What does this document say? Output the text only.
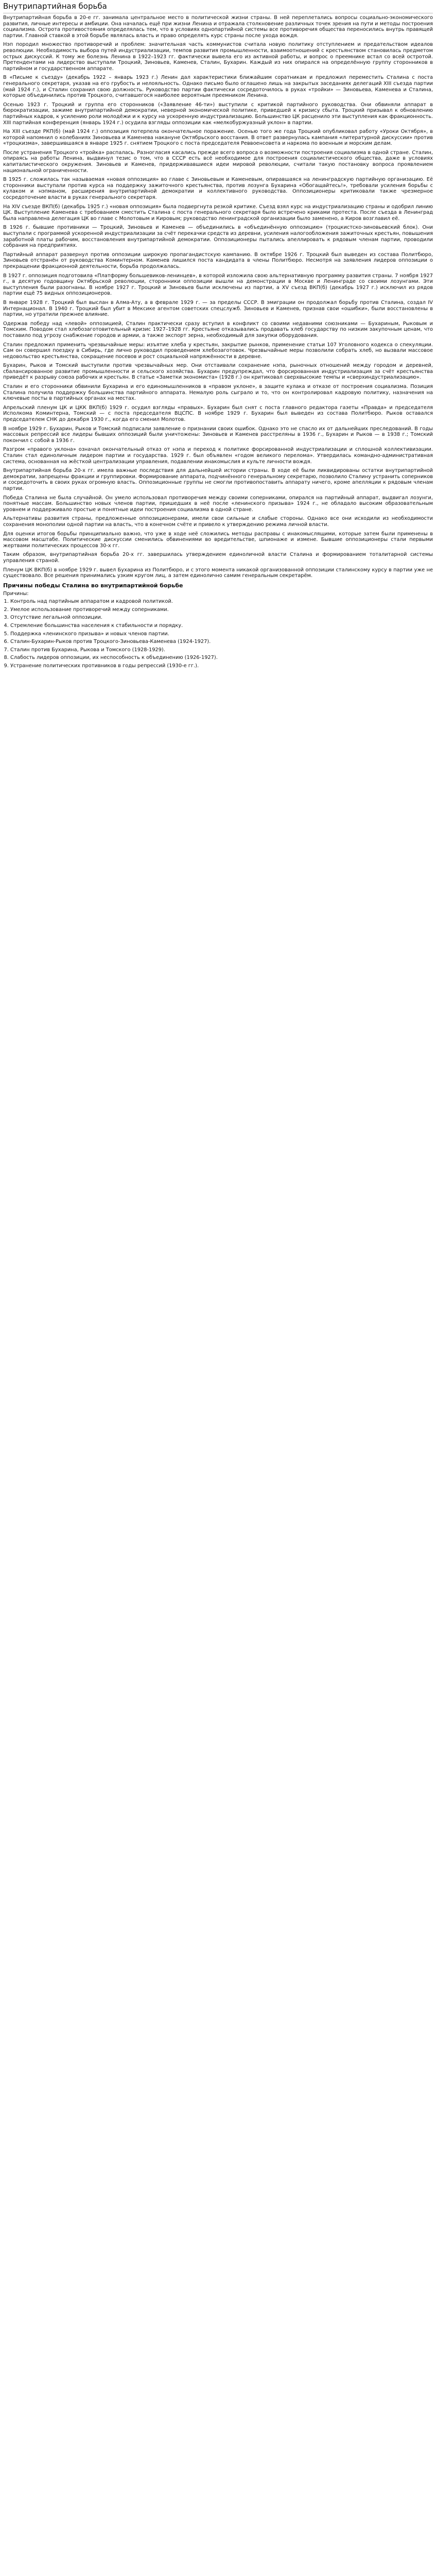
Внутрипартийная борьба

Внутрипартийная борьба в 20-е гг. занимала центральное место в политической жизни страны. В ней переплетались вопросы социально-экономического развития, личные интересы и амбиции. Она началась ещё при жизни Ленина и отражала столкновение различных точек зрения на пути и методы построения социализма. Острота противостояния определялась тем, что в условиях однопартийной системы все противоречия общества переносились внутрь правящей партии. Главной ставкой в этой борьбе являлась власть и право определять курс страны после ухода вождя.

Нэп породил множество противоречий и проблем: значительная часть коммунистов считала новую политику отступлением и предательством идеалов революции. Необходимость выбора путей индустриализации, темпов развития промышленности, взаимоотношений с крестьянством становилась предметом острых дискуссий. К тому же болезнь Ленина в 1922–1923 гг. фактически вывела его из активной работы, и вопрос о преемнике встал со всей остротой. Претендентами на лидерство выступали Троцкий, Зиновьев, Каменев, Сталин, Бухарин. Каждый из них опирался на определённую группу сторонников в партийном и государственном аппарате.

В «Письме к съезду» (декабрь 1922 – январь 1923 г.) Ленин дал характеристики ближайшим соратникам и предложил переместить Сталина с поста генерального секретаря, указав на его грубость и нелояльность. Однако письмо было оглашено лишь на закрытых заседаниях делегаций XIII съезда партии (май 1924 г.), и Сталин сохранил свою должность. Руководство партии фактически сосредоточилось в руках «тройки» — Зиновьева, Каменева и Сталина, которые объединились против Троцкого, считавшегося наиболее вероятным преемником Ленина.

Осенью 1923 г. Троцкий и группа его сторонников («Заявление 46-ти») выступили с критикой партийного руководства. Они обвиняли аппарат в бюрократизации, зажиме внутрипартийной демократии, неверной экономической политике, приведшей к кризису сбыта. Троцкий призывал к обновлению партийных кадров, к усилению роли молодёжи и к курсу на ускоренную индустриализацию. Большинство ЦК расценило эти выступления как фракционность. XIII партийная конференция (январь 1924 г.) осудила взгляды оппозиции как «мелкобуржуазный уклон» в партии.

На XIII съезде РКП(б) (май 1924 г.) оппозиция потерпела окончательное поражение. Осенью того же года Троцкий опубликовал работу «Уроки Октября», в которой напомнил о колебаниях Зиновьева и Каменева накануне Октябрьского восстания. В ответ развернулась кампания «литературной дискуссии» против «троцкизма», завершившаяся в январе 1925 г. снятием Троцкого с поста председателя Реввоенсовета и наркома по военным и морским делам.

После устранения Троцкого «тройка» распалась. Разногласия касались прежде всего вопроса о возможности построения социализма в одной стране. Сталин, опираясь на работы Ленина, выдвинул тезис о том, что в СССР есть всё необходимое для построения социалистического общества, даже в условиях капиталистического окружения. Зиновьев и Каменев, придерживавшиеся идеи мировой революции, считали такую постановку вопроса проявлением национальной ограниченности.

В 1925 г. сложилась так называемая «новая оппозиция» во главе с Зиновьевым и Каменевым, опиравшаяся на ленинградскую партийную организацию. Её сторонники выступали против курса на поддержку зажиточного крестьянства, против лозунга Бухарина «Обогащайтесь!», требовали усиления борьбы с кулаком и нэпманом, расширения внутрипартийной демократии и коллективного руководства. Оппозиционеры критиковали также чрезмерное сосредоточение власти в руках генерального секретаря.

На XIV съезде ВКП(б) (декабрь 1925 г.) «новая оппозиция» была подвергнута резкой критике. Съезд взял курс на индустриализацию страны и одобрил линию ЦК. Выступление Каменева с требованием сместить Сталина с поста генерального секретаря было встречено криками протеста. После съезда в Ленинград была направлена делегация ЦК во главе с Молотовым и Кировым; руководство ленинградской организации было заменено, а Киров возглавил её.

В 1926 г. бывшие противники — Троцкий, Зиновьев и Каменев — объединились в «объединённую оппозицию» (троцкистско-зиновьевский блок). Они выступали с программой ускоренной индустриализации за счёт перекачки средств из деревни, усиления налогообложения зажиточных крестьян, повышения заработной платы рабочим, восстановления внутрипартийной демократии. Оппозиционеры пытались апеллировать к рядовым членам партии, проводили собрания на предприятиях.

Партийный аппарат развернул против оппозиции широкую пропагандистскую кампанию. В октябре 1926 г. Троцкий был выведен из состава Политбюро, Зиновьев отстранён от руководства Коминтерном. Каменев лишился поста кандидата в члены Политбюро. Несмотря на заявления лидеров оппозиции о прекращении фракционной деятельности, борьба продолжалась.

В 1927 г. оппозиция подготовила «Платформу большевиков-ленинцев», в которой изложила свою альтернативную программу развития страны. 7 ноября 1927 г., в десятую годовщину Октябрьской революции, сторонники оппозиции вышли на демонстрации в Москве и Ленинграде со своими лозунгами. Эти выступления были разогнаны. В ноябре 1927 г. Троцкий и Зиновьев были исключены из партии, а XV съезд ВКП(б) (декабрь 1927 г.) исключил из рядов партии ещё 75 видных оппозиционеров.

В январе 1928 г. Троцкий был выслан в Алма-Ату, а в феврале 1929 г. — за пределы СССР. В эмиграции он продолжал борьбу против Сталина, создал IV Интернационал. В 1940 г. Троцкий был убит в Мексике агентом советских спецслужб. Зиновьев и Каменев, признав свои «ошибки», были восстановлены в партии, но утратили прежнее влияние.

Одержав победу над «левой» оппозицией, Сталин практически сразу вступил в конфликт со своими недавними союзниками — Бухариным, Рыковым и Томским. Поводом стал хлебозаготовительный кризис 1927–1928 гг. Крестьяне отказывались продавать хлеб государству по низким закупочным ценам, что поставило под угрозу снабжение городов и армии, а также экспорт зерна, необходимый для закупки оборудования.

Сталин предложил применить чрезвычайные меры: изъятие хлеба у крестьян, закрытие рынков, применение статьи 107 Уголовного кодекса о спекуляции. Сам он совершил поездку в Сибирь, где лично руководил проведением хлебозаготовок. Чрезвычайные меры позволили собрать хлеб, но вызвали массовое недовольство крестьянства, сокращение посевов и рост социальной напряжённости в деревне.

Бухарин, Рыков и Томский выступили против чрезвычайных мер. Они отстаивали сохранение нэпа, рыночных отношений между городом и деревней, сбалансированное развитие промышленности и сельского хозяйства. Бухарин предупреждал, что форсированная индустриализация за счёт крестьянства приведёт к разрыву союза рабочих и крестьян. В статье «Заметки экономиста» (1928 г.) он критиковал сверхвысокие темпы и «сверхиндустриализацию».

Сталин и его сторонники обвинили Бухарина и его единомышленников в «правом уклоне», в защите кулака и отказе от построения социализма. Позиция Сталина получила поддержку большинства партийного аппарата. Немалую роль сыграло и то, что он контролировал кадровую политику, назначения на ключевые посты в партийных органах на местах.

Апрельский пленум ЦК и ЦКК ВКП(б) 1929 г. осудил взгляды «правых». Бухарин был снят с поста главного редактора газеты «Правда» и председателя Исполкома Коминтерна, Томский — с поста председателя ВЦСПС. В ноябре 1929 г. Бухарин был выведен из состава Политбюро. Рыков оставался председателем СНК до декабря 1930 г., когда его сменил Молотов.

В ноябре 1929 г. Бухарин, Рыков и Томский подписали заявление о признании своих ошибок. Однако это не спасло их от дальнейших преследований. В годы массовых репрессий все лидеры бывших оппозиций были уничтожены: Зиновьев и Каменев расстреляны в 1936 г., Бухарин и Рыков — в 1938 г.; Томский покончил с собой в 1936 г.

Разгром «правого уклона» означал окончательный отказ от нэпа и переход к политике форсированной индустриализации и сплошной коллективизации. Сталин стал единоличным лидером партии и государства. 1929 г. был объявлен «годом великого перелома». Утвердилась командно-административная система, основанная на жёсткой централизации управления, подавлении инакомыслия и культе личности вождя.

Внутрипартийная борьба 20-х гг. имела важные последствия для дальнейшей истории страны. В ходе её были ликвидированы остатки внутрипартийной демократии, запрещены фракции и группировки. Формирование аппарата, подчинённого генеральному секретарю, позволило Сталину устранить соперников и сосредоточить в своих руках огромную власть. Оппозиционные группы не смогли противопоставить аппарату ничего, кроме апелляции к рядовым членам партии.

Победа Сталина не была случайной. Он умело использовал противоречия между своими соперниками, опирался на партийный аппарат, выдвигал лозунги, понятные массам. Большинство новых членов партии, пришедших в неё после «ленинского призыва» 1924 г., не обладало высоким образовательным уровнем и поддерживало простые и понятные идеи построения социализма в одной стране.

Альтернативы развития страны, предложенные оппозиционерами, имели свои сильные и слабые стороны. Однако все они исходили из необходимости сохранения монополии одной партии на власть, что в конечном счёте и привело к утверждению режима личной власти.

Для оценки итогов борьбы принципиально важно, что уже в ходе неё сложились методы расправы с инакомыслящими, которые затем были применены в массовом масштабе. Политические дискуссии сменились обвинениями во вредительстве, шпионаже и измене. Бывшие оппозиционеры стали первыми жертвами политических процессов 30-х гг.

Таким образом, внутрипартийная борьба 20-х гг. завершилась утверждением единоличной власти Сталина и формированием тоталитарной системы управления страной.

Пленум ЦК ВКП(б) в ноябре 1929 г. вывел Бухарина из Политбюро, и с этого момента никакой организованной оппозиции сталинскому курсу в партии уже не существовало. Все решения принимались узким кругом лиц, а затем единолично самим генеральным секретарём.

Причины победы Сталина во внутрипартийной борьбе
Причины:
1. Контроль над партийным аппаратом и кадровой политикой.
2. Умелое использование противоречий между соперниками.
3. Отсутствие легальной оппозиции.
4. Стремление большинства населения к стабильности и порядку.
5. Поддержка «ленинского призыва» и новых членов партии.
6. Сталин-Бухарин-Рыков против Троцкого-Зиновьева-Каменева (1924-1927).
7. Сталин против Бухарина, Рыкова и Томского (1928-1929).
8. Слабость лидеров оппозиции, их неспособность к объединению (1926-1927).
9. Устранение политических противников в годы репрессий (1930-е гг.).
